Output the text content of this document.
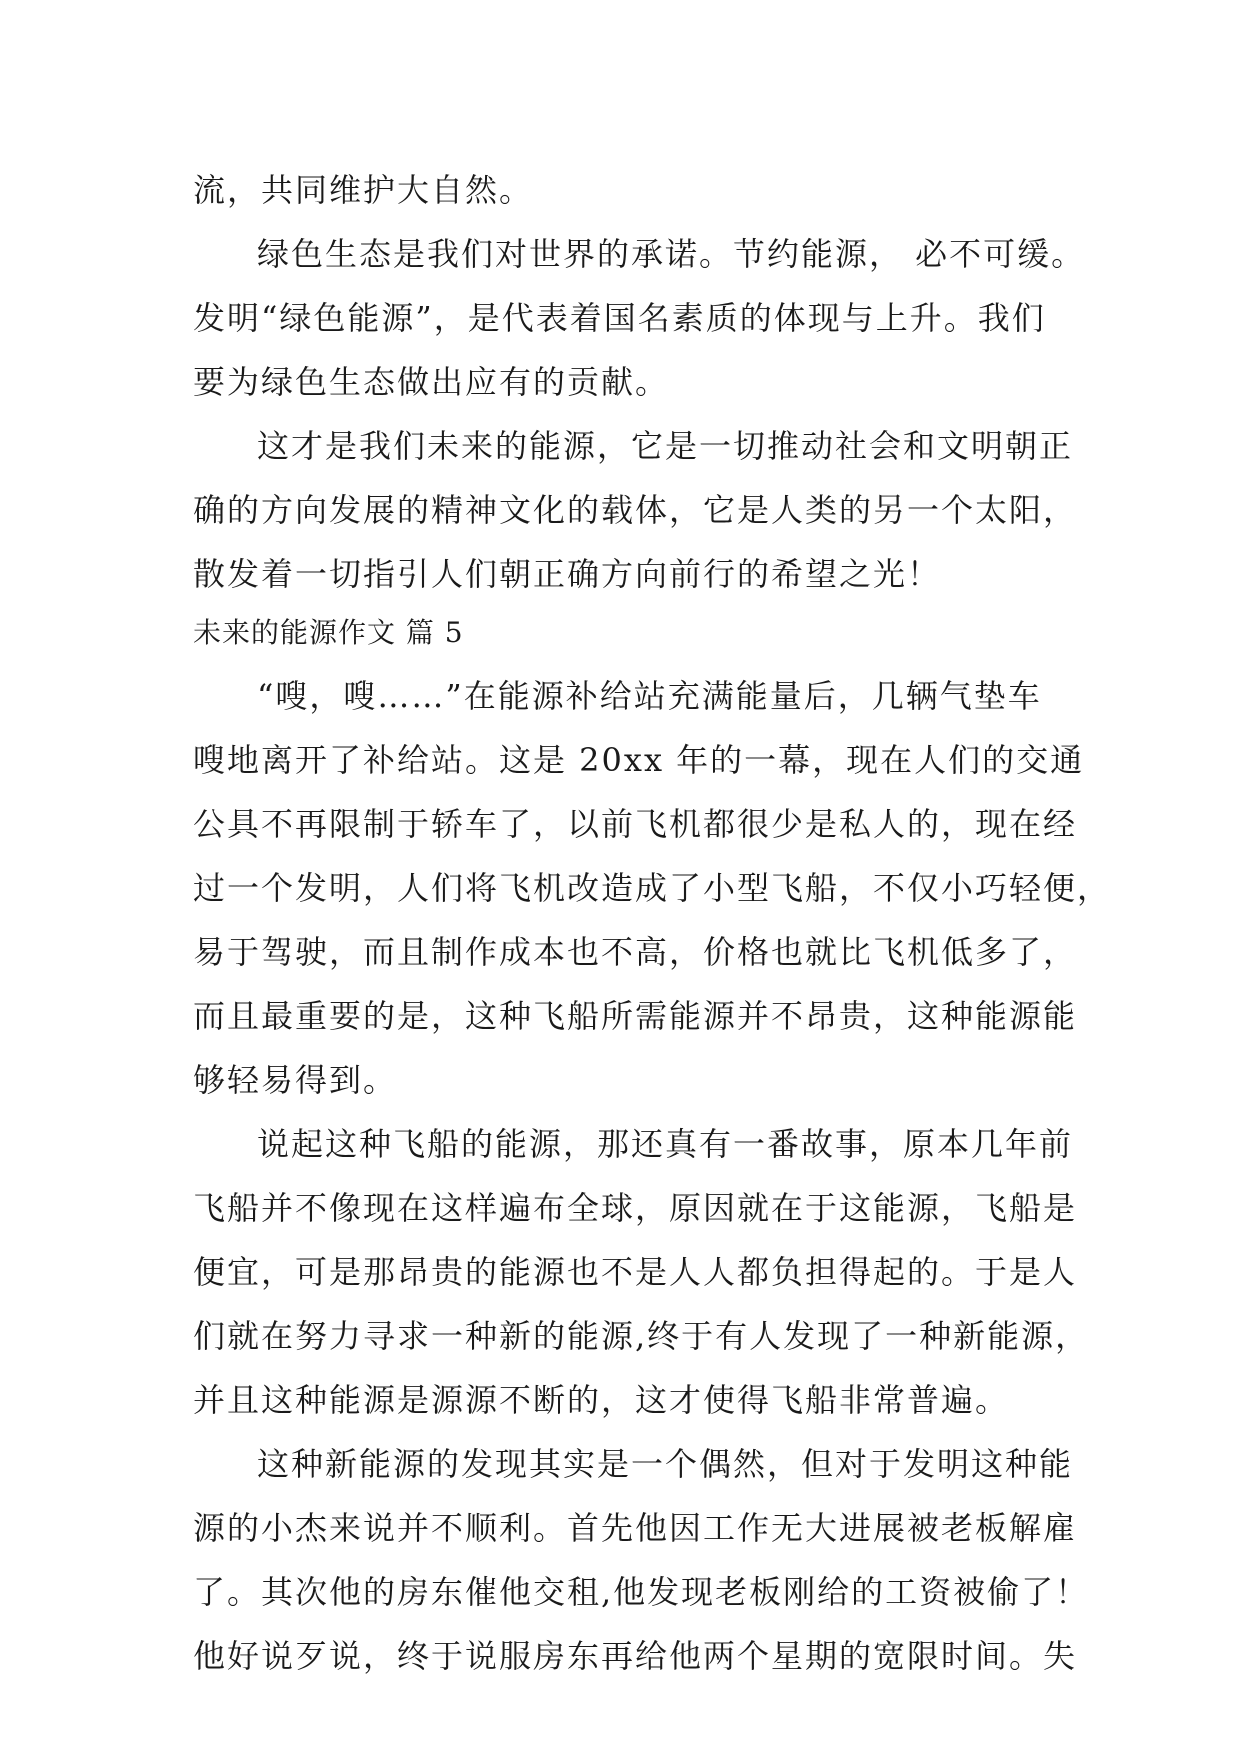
流，共同维护大自然。
绿色生态是我们对世界的承诺。节约能源， 必不可缓。
发明“绿色能源”，是代表着国名素质的体现与上升。我们
要为绿色生态做出应有的贡献。
这才是我们未来的能源，它是一切推动社会和文明朝正
确的方向发展的精神文化的载体，它是人类的另一个太阳，
散发着一切指引人们朝正确方向前行的希望之光！
未来的能源作文 篇 5
“嗖，嗖……”在能源补给站充满能量后，几辆气垫车
嗖地离开了补给站。这是 20xx 年的一幕，现在人们的交通
公具不再限制于轿车了，以前飞机都很少是私人的，现在经
过一个发明，人们将飞机改造成了小型飞船，不仅小巧轻便，
易于驾驶，而且制作成本也不高，价格也就比飞机低多了，
而且最重要的是，这种飞船所需能源并不昂贵，这种能源能
够轻易得到。
说起这种飞船的能源，那还真有一番故事，原本几年前
飞船并不像现在这样遍布全球，原因就在于这能源，飞船是
便宜，可是那昂贵的能源也不是人人都负担得起的。于是人
们就在努力寻求一种新的能源,终于有人发现了一种新能源，
并且这种能源是源源不断的，这才使得飞船非常普遍。
这种新能源的发现其实是一个偶然，但对于发明这种能
源的小杰来说并不顺利。首先他因工作无大进展被老板解雇
了。其次他的房东催他交租,他发现老板刚给的工资被偷了！
他好说歹说，终于说服房东再给他两个星期的宽限时间。失
